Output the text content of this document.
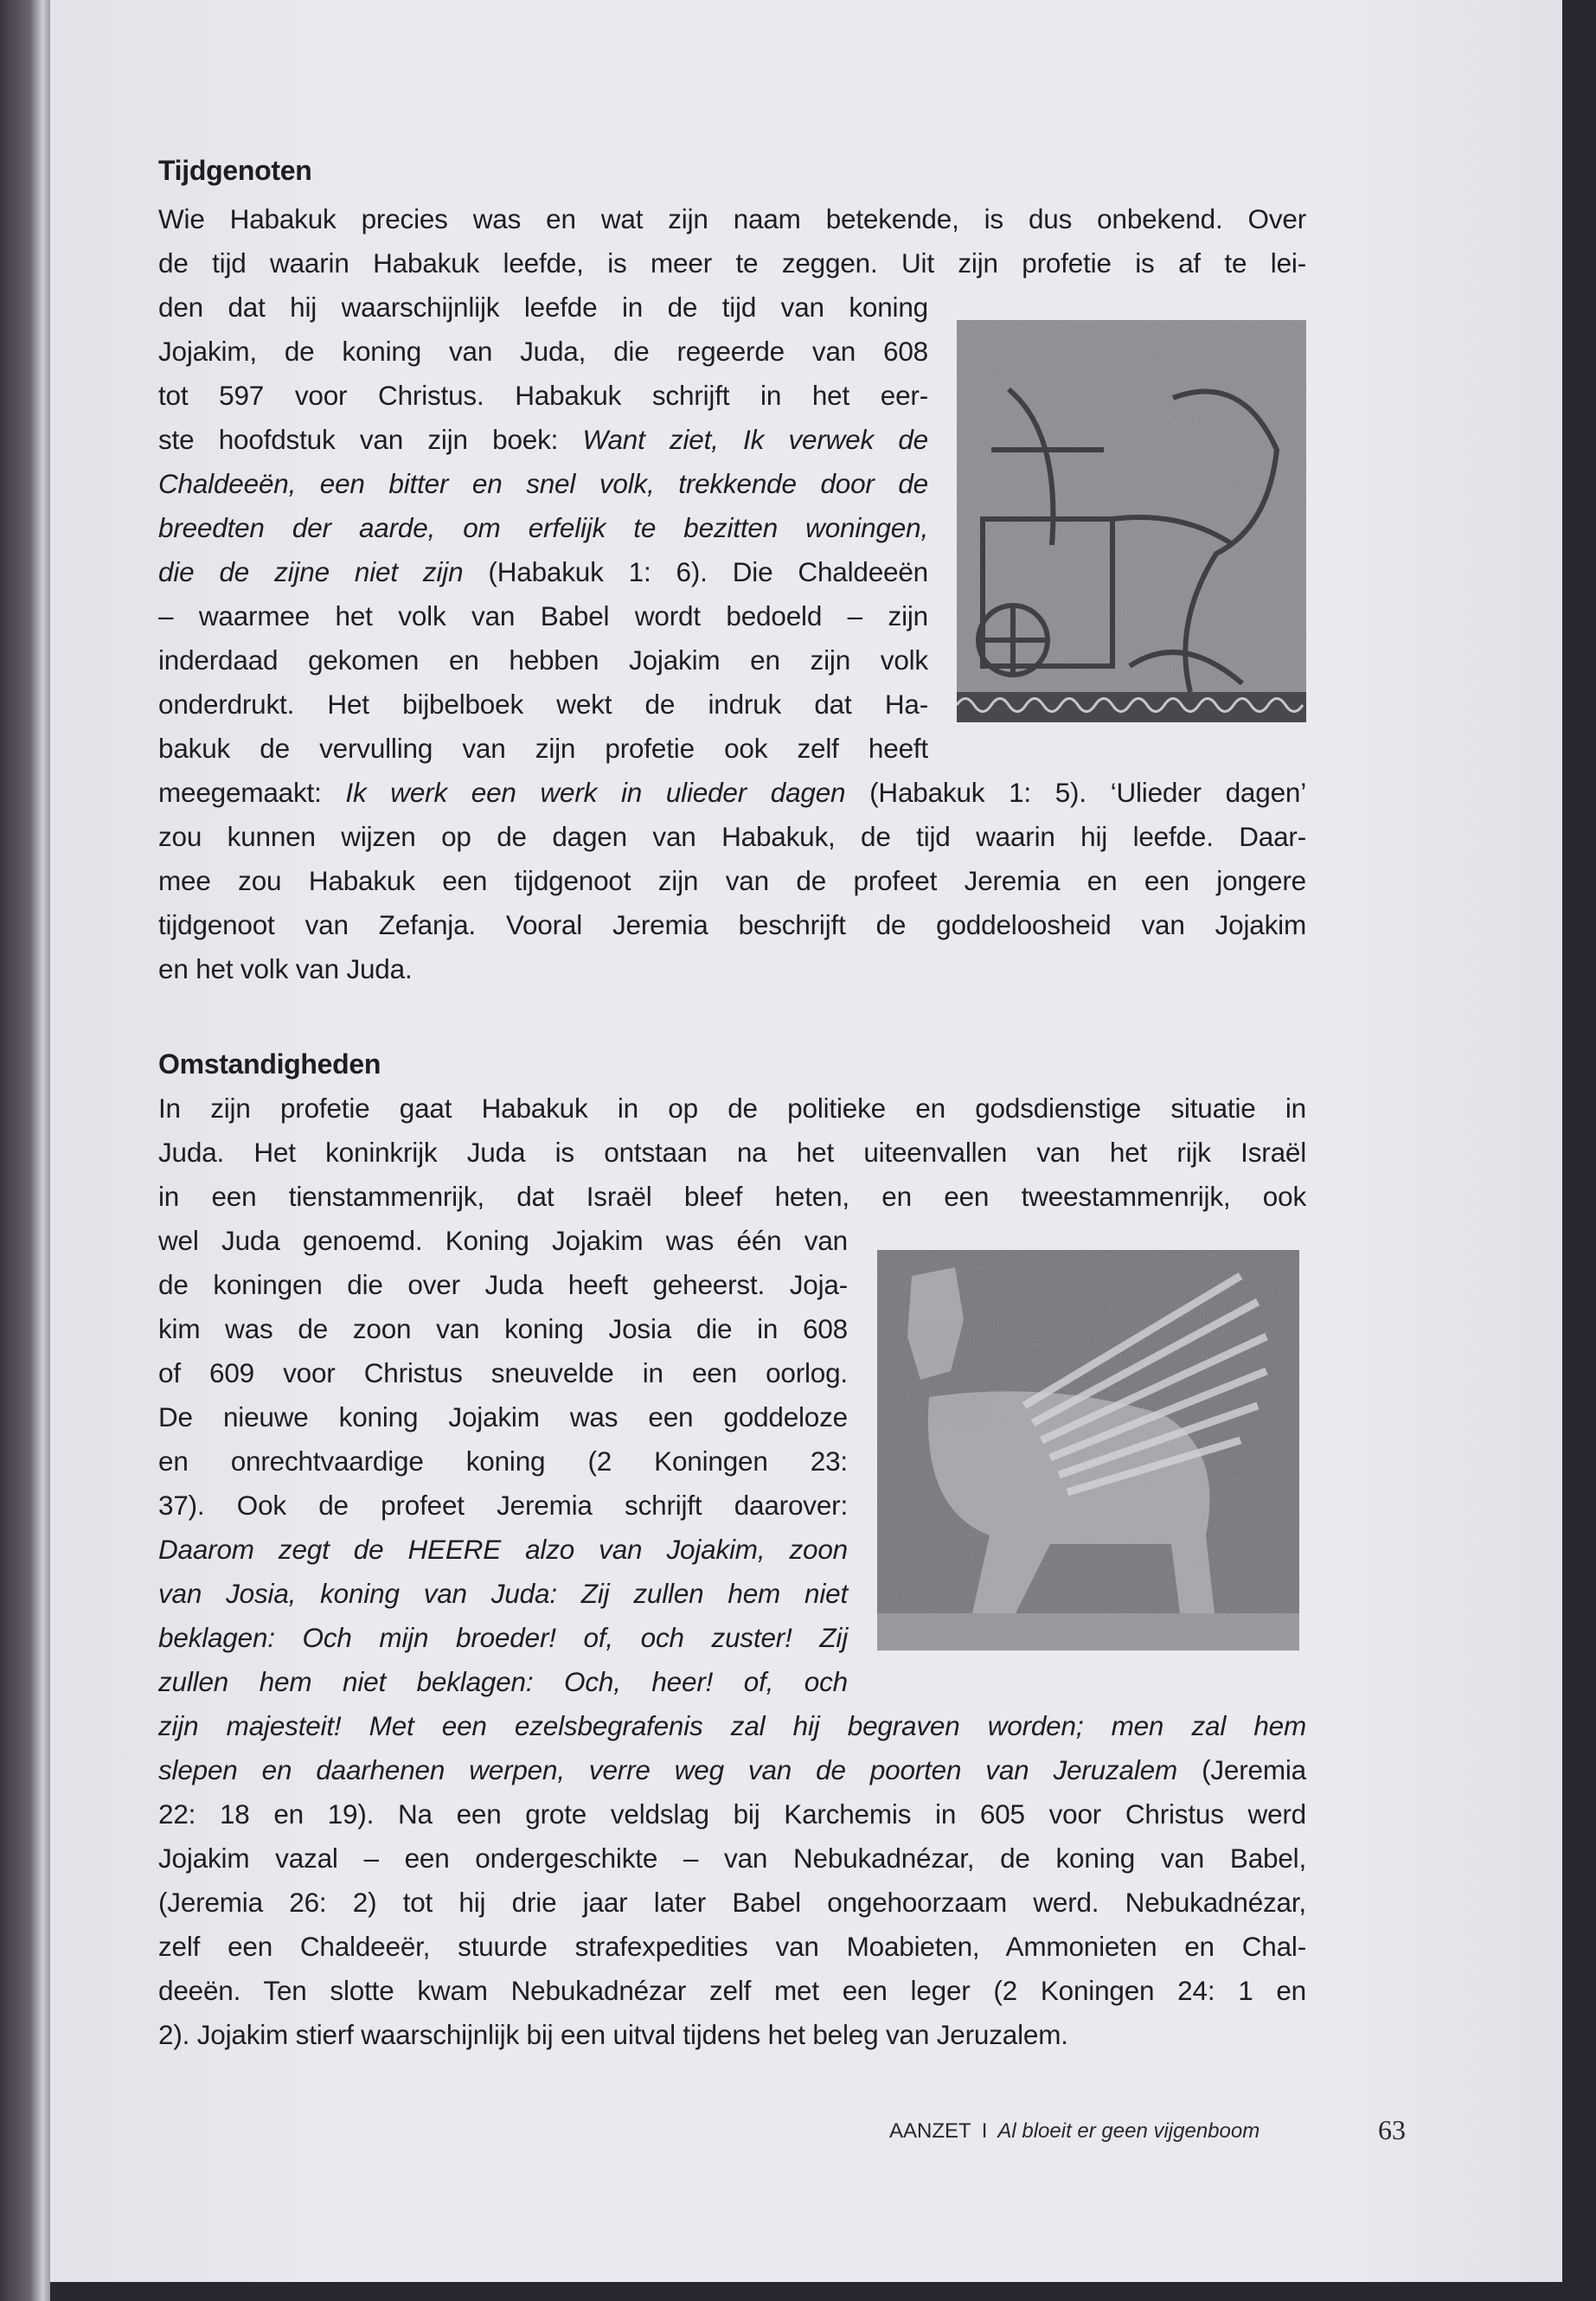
Tijdgenoten
Wie Habakuk precies was en wat zijn naam betekende, is dus onbekend. Over
de tijd waarin Habakuk leefde, is meer te zeggen. Uit zijn profetie is af te lei-
den dat hij waarschijnlijk leefde in de tijd van koning
Jojakim, de koning van Juda, die regeerde van 608
tot 597 voor Christus. Habakuk schrijft in het eer-
ste hoofdstuk van zijn boek: Want ziet, Ik verwek de
Chaldeeën, een bitter en snel volk, trekkende door de
breedten der aarde, om erfelijk te bezitten woningen,
die de zijne niet zijn (Habakuk 1: 6). Die Chaldeeën
– waarmee het volk van Babel wordt bedoeld – zijn
inderdaad gekomen en hebben Jojakim en zijn volk
onderdrukt. Het bijbelboek wekt de indruk dat Ha-
bakuk de vervulling van zijn profetie ook zelf heeft
meegemaakt: Ik werk een werk in ulieder dagen (Habakuk 1: 5). ‘Ulieder dagen’
zou kunnen wijzen op de dagen van Habakuk, de tijd waarin hij leefde. Daar-
mee zou Habakuk een tijdgenoot zijn van de profeet Jeremia en een jongere
tijdgenoot van Zefanja. Vooral Jeremia beschrijft de goddeloosheid van Jojakim
en het volk van Juda.
Omstandigheden
In zijn profetie gaat Habakuk in op de politieke en godsdienstige situatie in
Juda. Het koninkrijk Juda is ontstaan na het uiteenvallen van het rijk Israël
in een tienstammenrijk, dat Israël bleef heten, en een tweestammenrijk, ook
wel Juda genoemd. Koning Jojakim was één van
de koningen die over Juda heeft geheerst. Joja-
kim was de zoon van koning Josia die in 608
of 609 voor Christus sneuvelde in een oorlog.
De nieuwe koning Jojakim was een goddeloze
en onrechtvaardige koning (2 Koningen 23:
37). Ook de profeet Jeremia schrijft daarover:
Daarom zegt de HEERE alzo van Jojakim, zoon
van Josia, koning van Juda: Zij zullen hem niet
beklagen: Och mijn broeder! of, och zuster! Zij
zullen hem niet beklagen: Och, heer! of, och
zijn majesteit! Met een ezelsbegrafenis zal hij begraven worden; men zal hem
slepen en daarhenen werpen, verre weg van de poorten van Jeruzalem (Jeremia
22: 18 en 19). Na een grote veldslag bij Karchemis in 605 voor Christus werd
Jojakim vazal – een ondergeschikte – van Nebukadnézar, de koning van Babel,
(Jeremia 26: 2) tot hij drie jaar later Babel ongehoorzaam werd. Nebukadnézar,
zelf een Chaldeeër, stuurde strafexpedities van Moabieten, Ammonieten en Chal-
deeën. Ten slotte kwam Nebukadnézar zelf met een leger (2 Koningen 24: 1 en
2). Jojakim stierf waarschijnlijk bij een uitval tijdens het beleg van Jeruzalem.
AANZET I Al bloeit er geen vijgenboom	63
